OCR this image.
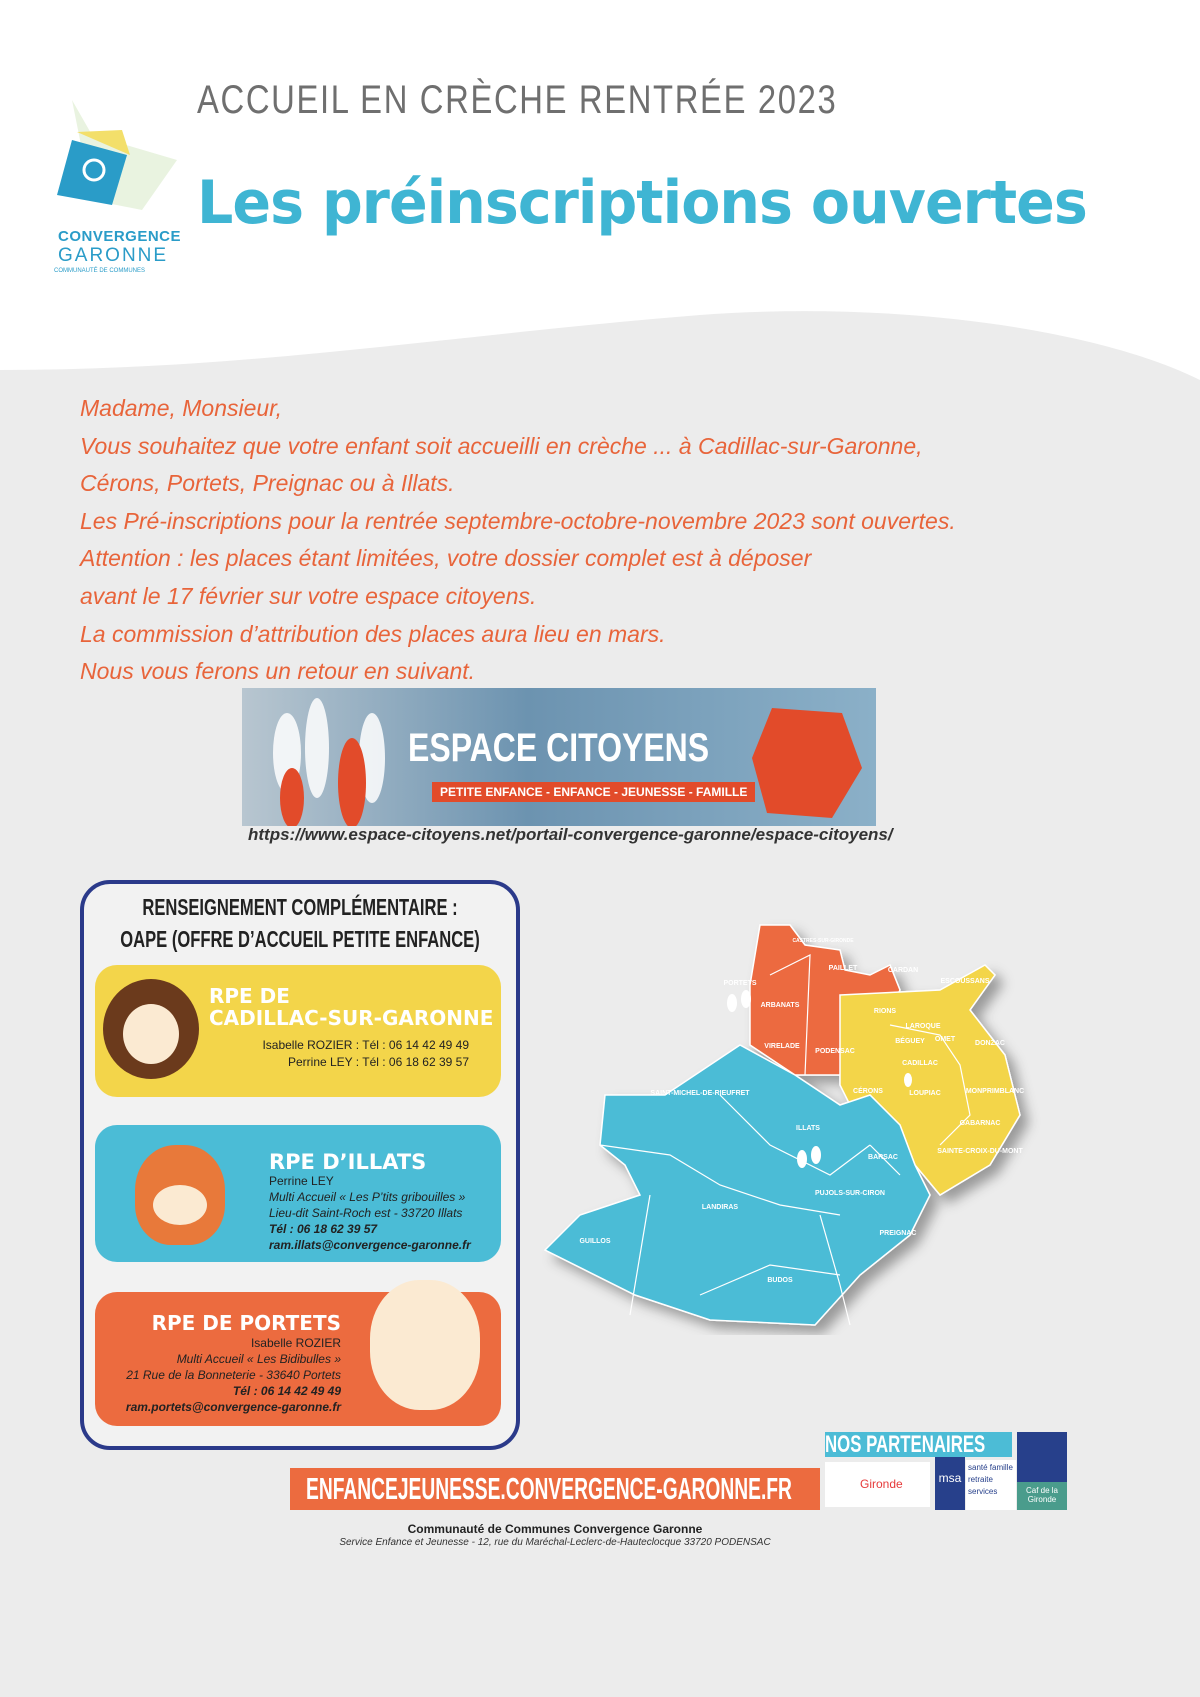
CONVERGENCE
GARONNE
COMMUNAUTÉ DE COMMUNES
ACCUEIL EN CRÈCHE RENTRÉE 2023
Les préinscriptions ouvertes
Madame, Monsieur,
Vous souhaitez que votre enfant soit accueilli en crèche ... à Cadillac-sur-Garonne,
Cérons, Portets, Preignac ou à Illats.
Les Pré-inscriptions pour la rentrée septembre-octobre-novembre 2023 sont ouvertes.
Attention : les places étant limitées, votre dossier complet est à déposer
avant le 17 février sur votre espace citoyens.
La commission d’attribution des places aura lieu en mars.
Nous vous ferons un retour en suivant.
ESPACE CITOYENS
PETITE ENFANCE - ENFANCE - JEUNESSE - FAMILLE
https://www.espace-citoyens.net/portail-convergence-garonne/espace-citoyens/
RENSEIGNEMENT COMPLÉMENTAIRE :
OAPE (OFFRE D’ACCUEIL PETITE ENFANCE)
RPE DE
CADILLAC-SUR-GARONNE
Isabelle ROZIER : Tél : 06 14 42 49 49
Perrine LEY : Tél : 06 18 62 39 57
RPE D’ILLATS
Perrine LEY
Multi Accueil « Les P’tits gribouilles »
Lieu-dit Saint-Roch est - 33720 Illats
Tél : 06 18 62 39 57
ram.illats@convergence-garonne.fr
RPE DE PORTETS
Isabelle ROZIER
Multi Accueil « Les Bidibulles »
21 Rue de la Bonneterie - 33640 Portets
Tél : 06 14 42 49 49
ram.portets@convergence-garonne.fr
PORTETS
ARBANATS
VIRELADE
CASTRES-SUR-GIRONDE
PAILLET	CARDAN
ESCOUSSANS
RIONS
LAROQUE
BÉGUEY OMET
DONZAC
PODENSAC
CADILLAC
LOUPIAC	MONPRIMBLANC
GABARNAC
SAINTE-CROIX-DU-MONT
SAINT-MICHEL-DE-RIEUFRET	CÉRONS
ILLATS
BARSAC
PUJOLS-SUR-CIRON
PREIGNAC
LANDIRAS
GUILLOS
BUDOS
ENFANCEJEUNESSE.CONVERGENCE-GARONNE.FR
NOS PARTENAIRES
Gironde	msa
santé famille retraite services	Caf de la Gironde
Communauté de Communes Convergence Garonne
Service Enfance et Jeunesse - 12, rue du Maréchal-Leclerc-de-Hauteclocque 33720 PODENSAC
